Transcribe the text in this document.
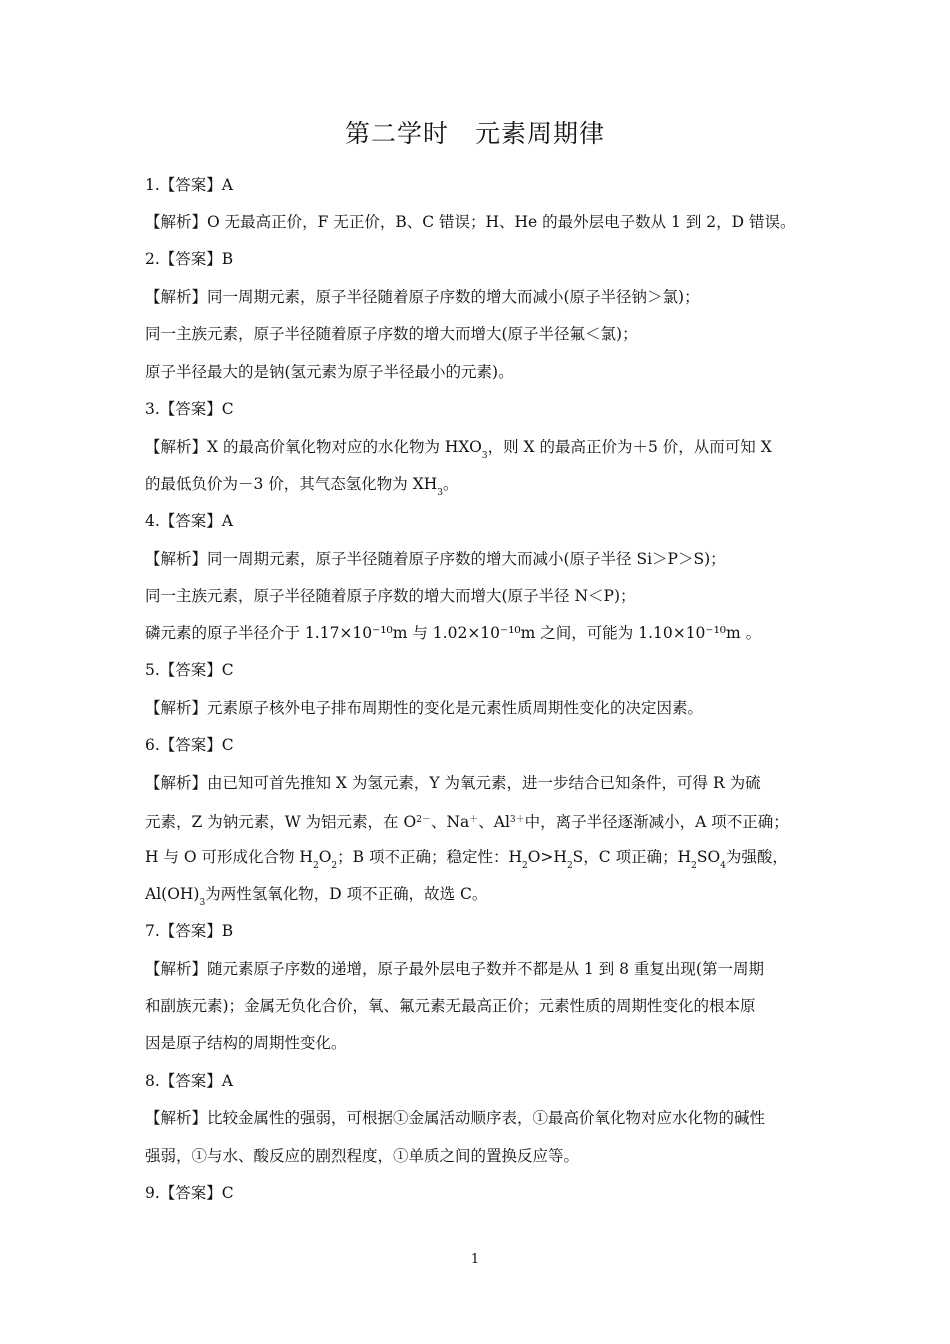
第二学时　元素周期律
1.【答案】A
【解析】O 无最高正价，F 无正价，B、C 错误；H、He 的最外层电子数从 1 到 2，D 错误。
2.【答案】B
【解析】同一周期元素，原子半径随着原子序数的增大而减小(原子半径钠＞氯)；
同一主族元素，原子半径随着原子序数的增大而增大(原子半径氟＜氯)；
原子半径最大的是钠(氢元素为原子半径最小的元素)。
3.【答案】C
【解析】X 的最高价氧化物对应的水化物为 $HXO_3$，则 X 的最高正价为＋5 价，从而可知 X
的最低负价为－3 价，其气态氢化物为 $XH_3$。
4.【答案】A
【解析】同一周期元素，原子半径随着原子序数的增大而减小(原子半径 Si＞P＞S)；
同一主族元素，原子半径随着原子序数的增大而增大(原子半径 N＜P)；
磷元素的原子半径介于 1.17×10⁻¹⁰m 与 1.02×10⁻¹⁰m 之间，可能为 1.10×10⁻¹⁰m 。
5.【答案】C
【解析】元素原子核外电子排布周期性的变化是元素性质周期性变化的决定因素。
6.【答案】C
【解析】由已知可首先推知 X 为氢元素，Y 为氧元素，进一步结合已知条件，可得 R 为硫
元素，Z 为钠元素，W 为铝元素，在 $O^{2-}$、Na＋、$Al^{3+}$中，离子半径逐渐减小，A 项不正确；
H 与 O 可形成化合物 $H_2O_2$；B 项不正确；稳定性：$H_2O>H_2S$，C 项正确；$H_2SO_4$为强酸，
$Al(OH)_3$为两性氢氧化物，D 项不正确，故选 C。
7.【答案】B
【解析】随元素原子序数的递增，原子最外层电子数并不都是从 1 到 8 重复出现(第一周期
和副族元素)；金属无负化合价，氧、氟元素无最高正价；元素性质的周期性变化的根本原
因是原子结构的周期性变化。
8.【答案】A
【解析】比较金属性的强弱，可根据①金属活动顺序表，①最高价氧化物对应水化物的碱性
强弱，①与水、酸反应的剧烈程度，①单质之间的置换反应等。
9.【答案】C
1
